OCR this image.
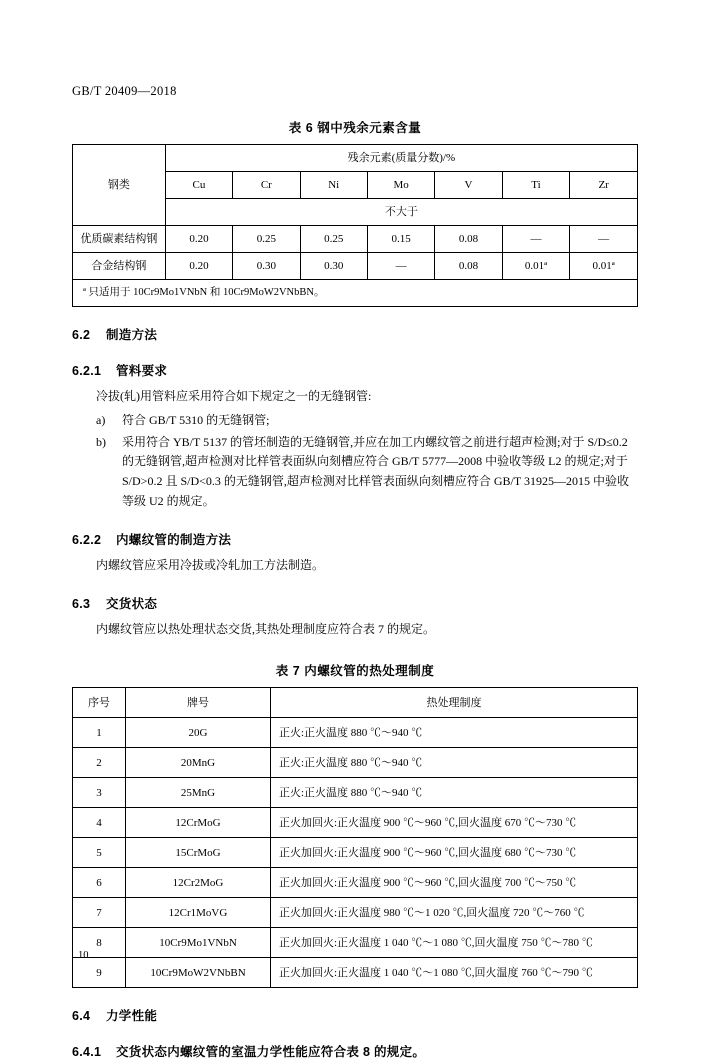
GB/T 20409—2018
表 6 钢中残余元素含量
钢类	残余元素(质量分数)/%						
	Cu	Cr	Ni	Mo	V	Ti	Zr
	不大于						
优质碳素结构钢	0.20	0.25	0.25	0.15	0.08	—	—
合金结构钢	0.20	0.30	0.30	—	0.08	0.01ª	0.01ª
ª 只适用于 10Cr9Mo1VNbN 和 10Cr9MoW2VNbBN。							
6.2 制造方法
6.2.1 管料要求
冷拔(轧)用管料应采用符合如下规定之一的无缝钢管:
a)	符合 GB/T 5310 的无缝钢管;
b)	采用符合 YB/T 5137 的管坯制造的无缝钢管,并应在加工内螺纹管之前进行超声检测;对于 S/D≤0.2 的无缝钢管,超声检测对比样管表面纵向刻槽应符合 GB/T 5777—2008 中验收等级 L2 的规定;对于 S/D>0.2 且 S/D<0.3 的无缝钢管,超声检测对比样管表面纵向刻槽应符合 GB/T 31925—2015 中验收等级 U2 的规定。
6.2.2 内螺纹管的制造方法
内螺纹管应采用冷拔或冷轧加工方法制造。
6.3 交货状态
内螺纹管应以热处理状态交货,其热处理制度应符合表 7 的规定。
表 7 内螺纹管的热处理制度
序号	牌号	热处理制度
1	20G	正火:正火温度 880 ℃～940 ℃
2	20MnG	正火:正火温度 880 ℃～940 ℃
3	25MnG	正火:正火温度 880 ℃～940 ℃
4	12CrMoG	正火加回火:正火温度 900 ℃～960 ℃,回火温度 670 ℃～730 ℃
5	15CrMoG	正火加回火:正火温度 900 ℃～960 ℃,回火温度 680 ℃～730 ℃
6	12Cr2MoG	正火加回火:正火温度 900 ℃～960 ℃,回火温度 700 ℃～750 ℃
7	12Cr1MoVG	正火加回火:正火温度 980 ℃～1 020 ℃,回火温度 720 ℃～760 ℃
8	10Cr9Mo1VNbN	正火加回火:正火温度 1 040 ℃～1 080 ℃,回火温度 750 ℃～780 ℃
9	10Cr9MoW2VNbBN	正火加回火:正火温度 1 040 ℃～1 080 ℃,回火温度 760 ℃～790 ℃
6.4 力学性能
6.4.1 交货状态内螺纹管的室温力学性能应符合表 8 的规定。
10
